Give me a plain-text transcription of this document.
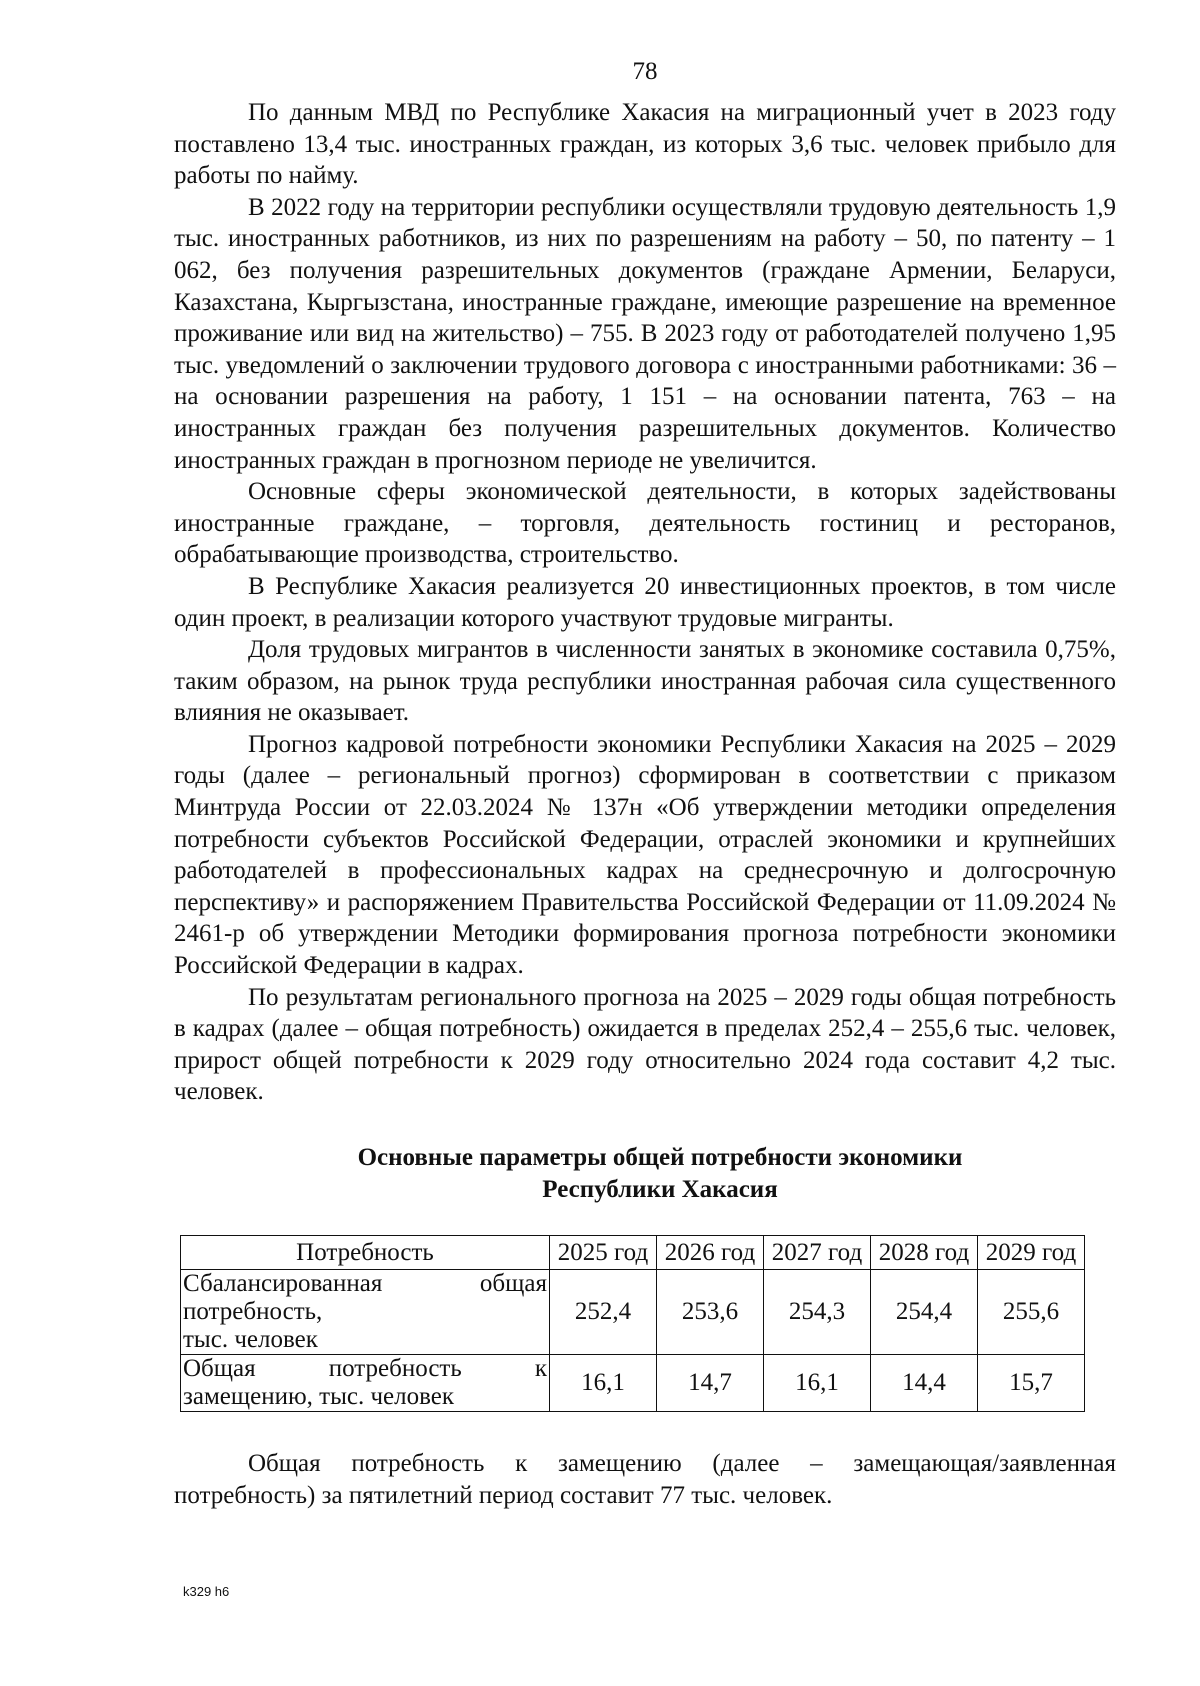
78

По данным МВД по Республике Хакасия на миграционный учет в 2023 году поставлено 13,4 тыс. иностранных граждан, из которых 3,6 тыс. человек прибыло для работы по найму.

В 2022 году на территории республики осуществляли трудовую деятельность 1,9 тыс. иностранных работников, из них по разрешениям на работу – 50, по патенту – 1 062, без получения разрешительных документов (граждане Армении, Беларуси, Казахстана, Кыргызстана, иностранные граждане, имеющие разрешение на временное проживание или вид на жительство) – 755. В 2023 году от работодателей получено 1,95 тыс. уведомлений о заключении трудового договора с иностранными работниками: 36 – на основании разрешения на работу, 1 151 – на основании патента, 763 – на иностранных граждан без получения разрешительных документов. Количество иностранных граждан в прогнозном периоде не увеличится.

Основные сферы экономической деятельности, в которых задействованы иностранные граждане, – торговля, деятельность гостиниц и ресторанов, обрабатывающие производства, строительство.

В Республике Хакасия реализуется 20 инвестиционных проектов, в том числе один проект, в реализации которого участвуют трудовые мигранты.

Доля трудовых мигрантов в численности занятых в экономике составила 0,75%, таким образом, на рынок труда республики иностранная рабочая сила существенного влияния не оказывает.

Прогноз кадровой потребности экономики Республики Хакасия на 2025 – 2029 годы (далее – региональный прогноз) сформирован в соответствии с приказом Минтруда России от 22.03.2024 № 137н «Об утверждении методики определения потребности субъектов Российской Федерации, отраслей экономики и крупнейших работодателей в профессиональных кадрах на среднесрочную и долгосрочную перспективу» и распоряжением Правительства Российской Федерации от 11.09.2024 № 2461-р об утверждении Методики формирования прогноза потребности экономики Российской Федерации в кадрах.

По результатам регионального прогноза на 2025 – 2029 годы общая потребность в кадрах (далее – общая потребность) ожидается в пределах 252,4 – 255,6 тыс. человек, прирост общей потребности к 2029 году относительно 2024 года составит 4,2 тыс. человек.

Основные параметры общей потребности экономики
Республики Хакасия
Потребность	2025 год	2026 год	2027 год	2028 год	2029 год

Сбалансированная общая
потребность,
тыс. человек	252,4	253,6	254,3	254,4	255,6

Общая потребность к
замещению, тыс. человек	16,1	14,7	16,1	14,4	15,7

Общая потребность к замещению (далее – замещающая/заявленная потребность) за пятилетний период составит 77 тыс. человек.

k329 h6
